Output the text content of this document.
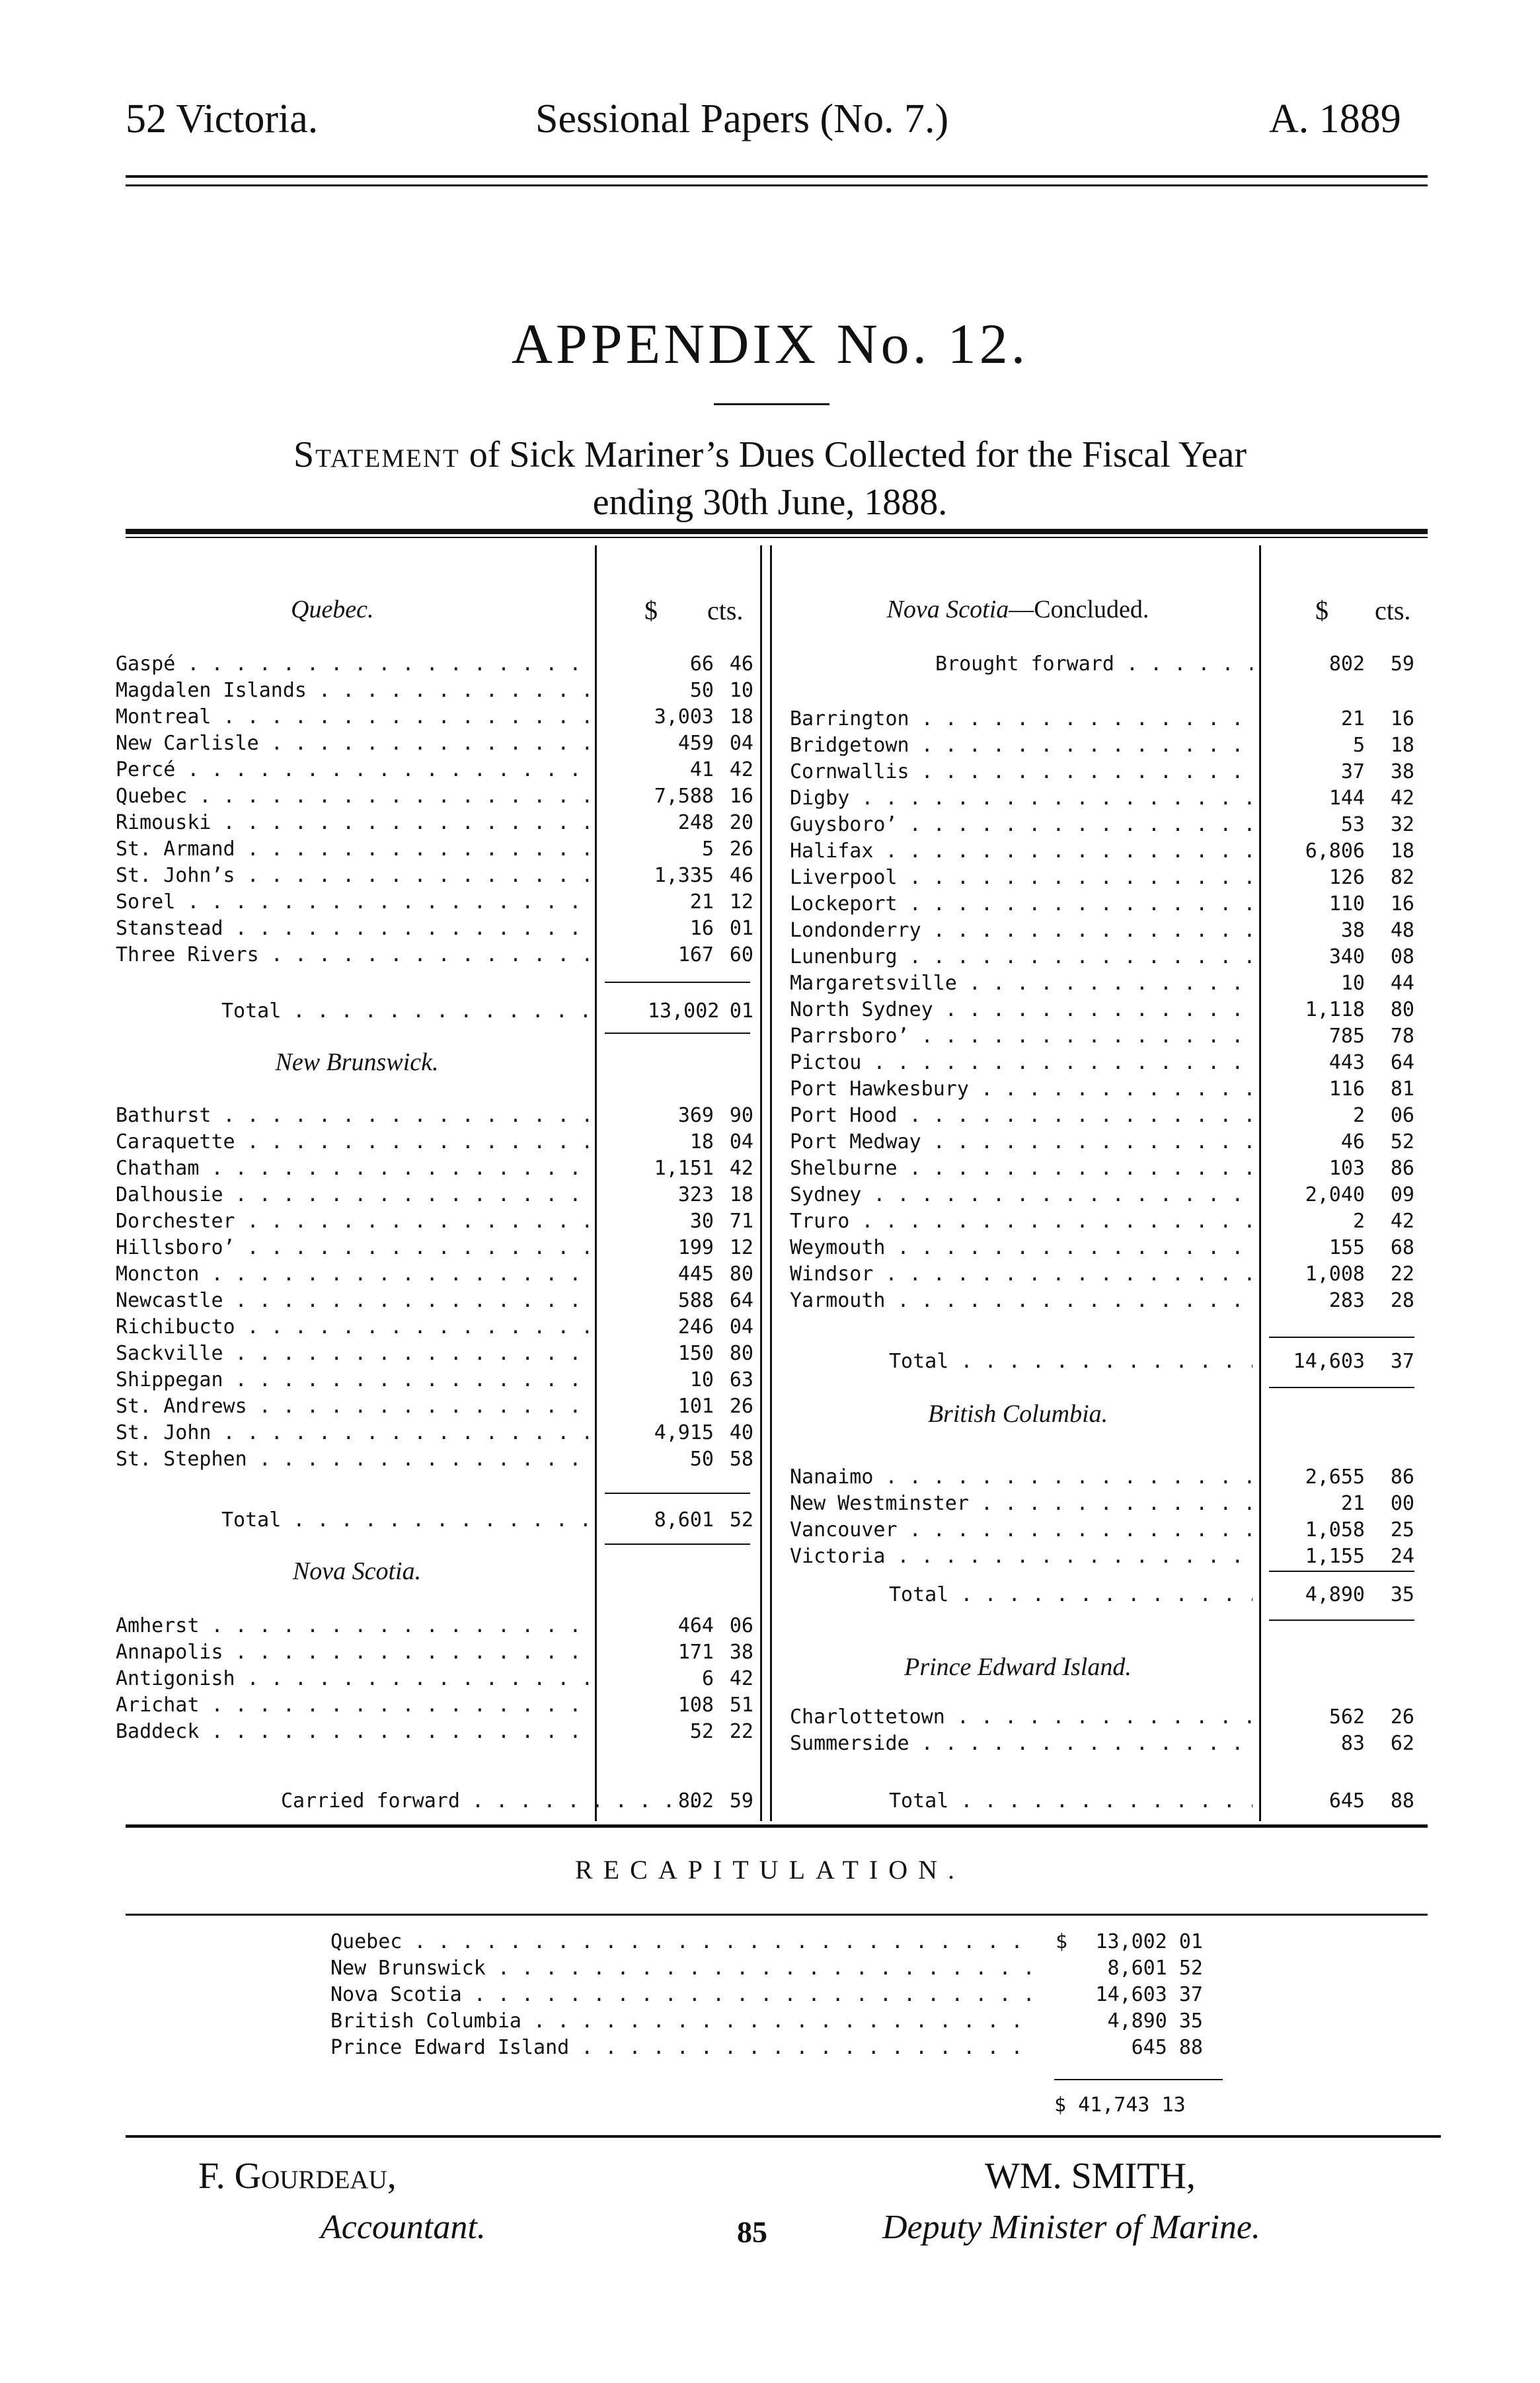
52 Victoria.	Sessional Papers (No. 7.)	A. 1889
APPENDIX No. 12.
Statement of Sick Mariner’s Dues Collected for the Fiscal Year
ending 30th June, 1888.
Quebec.	$ cts.	Nova Scotia—Concluded.	$ cts.
Gaspé . . .	66 46
Magdalen Islands . . .	50 10
Montreal . . .	3,003 18
New Carlisle . . .	459 04
Percé . . .	41 42
Quebec . . .	7,588 16
Rimouski . . .	248 20
St. Armand . . .	5 26
St. John’s . . .	1,335 46
Sorel . . .	21 12
Stanstead . . .	16 01
Three Rivers . . .	167 60
Total . . .	13,002 01
New Brunswick.
Bathurst . . .	369 90
Caraquette . . .	18 04
Chatham . . .	1,151 42
Dalhousie . . .	323 18
Dorchester . . .	30 71
Hillsboro’ . . .	199 12
Moncton . . .	445 80
Newcastle . . .	588 64
Richibucto . . .	246 04
Sackville . . .	150 80
Shippegan . . .	10 63
St. Andrews . . .	101 26
St. John . . .	4,915 40
St. Stephen . . .	50 58
Total . . .	8,601 52
Nova Scotia.
Amherst . . .	464 06
Annapolis . . .	171 38
Antigonish . . .	6 42
Arichat . . .	108 51
Baddeck . . .	52 22
Carried forward . . .	802 59
Brought forward . . .	802	59
Barrington . . .	21	16
Bridgetown . . .	5	18
Cornwallis . . .	37	38
Digby . . .	144	42
Guysboro’ . . .	53	32
Halifax . . .	6,806	18
Liverpool . . .	126	82
Lockeport . . .	110	16
Londonderry . . .	38	48
Lunenburg . . .	340	08
Margaretsville . . .	10	44
North Sydney . . .	1,118	80
Parrsboro’ . . .	785	78
Pictou . . .	443	64
Port Hawkesbury . . .	116	81
Port Hood . . .	2	06
Port Medway . . .	46	52
Shelburne . . .	103	86
Sydney . . .	2,040	09
Truro . . .	2	42
Weymouth . . .	155	68
Windsor . . .	1,008	22
Yarmouth . . .	283	28
Total . . .	14,603	37
British Columbia.
Nanaimo . . .	2,655	86
New Westminster . . .	21	00
Vancouver . . .	1,058	25
Victoria . . .	1,155	24
Total . . .	4,890	35
Prince Edward Island.
Charlottetown . . .	562	26
Summerside . . .	83	62
Total . . .	645	88
RECAPITULATION.
Quebec . . .	$	13,002 01
New Brunswick . . .	8,601 52
Nova Scotia . . .	14,603 37
British Columbia . . .	4,890 35
Prince Edward Island . . .	645 88
$ 41,743 13
F. Gourdeau,
Accountant.
WM. SMITH,
Deputy Minister of Marine.
85
